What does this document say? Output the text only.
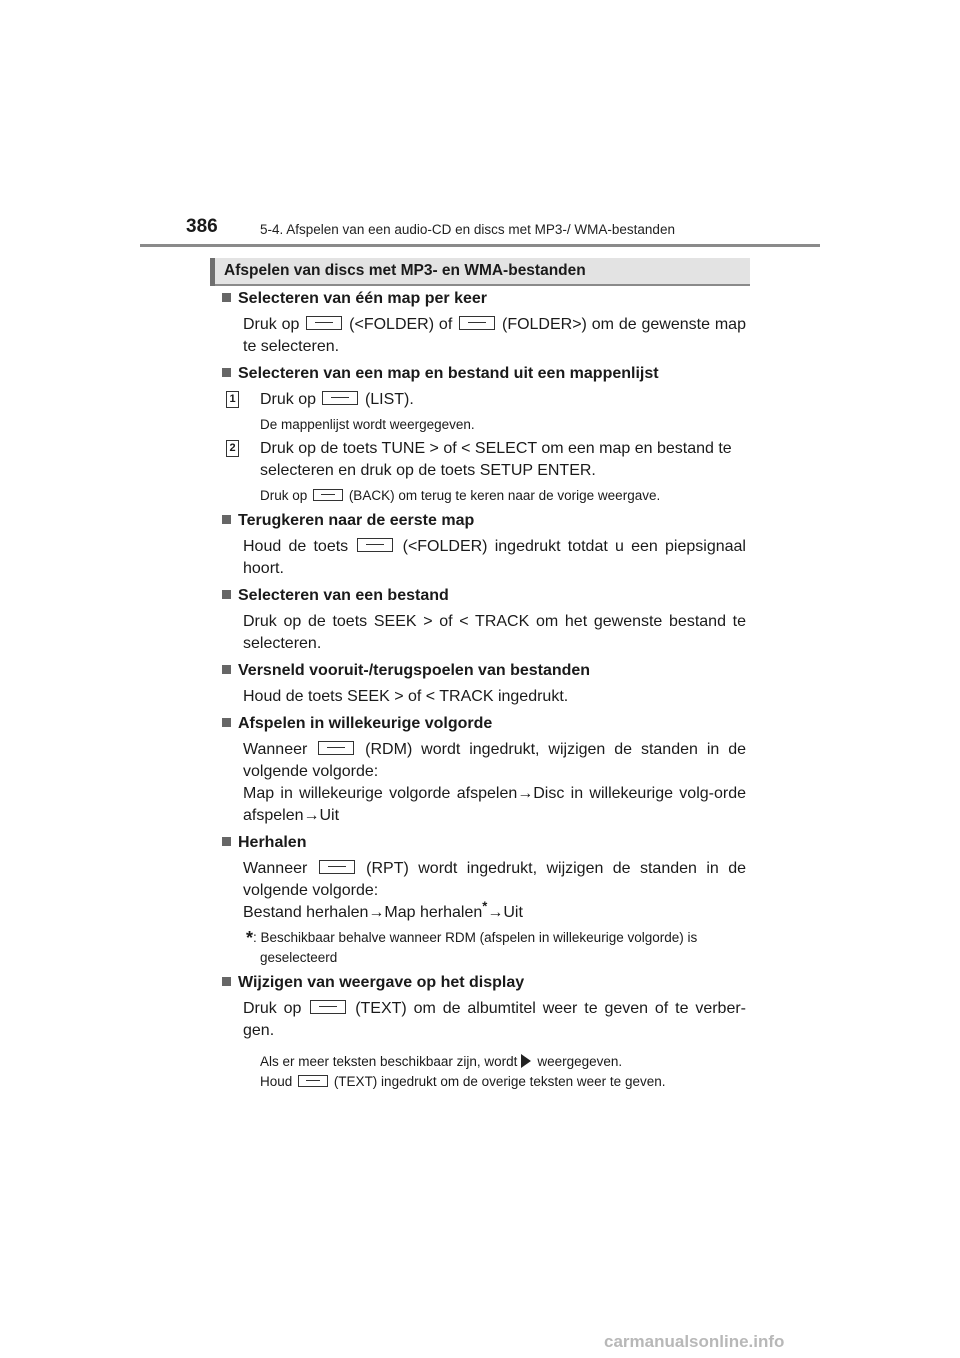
386	5-4. Afspelen van een audio-CD en discs met MP3-/ WMA-bestanden
Afspelen van discs met MP3- en WMA-bestanden

Selecteren van één map per keer

Druk op	(<FOLDER) of	(FOLDER>) om de gewenste map te selecteren.

Selecteren van een map en bestand uit een mappenlijst

1 Druk op	(LIST).

De mappenlijst wordt weergegeven.

2 Druk op de toets TUNE > of < SELECT om een map en bestand te selecteren en druk op de toets SETUP ENTER.

Druk op	(BACK) om terug te keren naar de vorige weergave.

Terugkeren naar de eerste map

Houd de toets	(<FOLDER) ingedrukt totdat u een piepsignaal hoort.

Selecteren van een bestand

Druk op de toets SEEK > of < TRACK om het gewenste bestand te selecteren.

Versneld vooruit-/terugspoelen van bestanden

Houd de toets SEEK > of < TRACK ingedrukt.

Afspelen in willekeurige volgorde

Wanneer	(RDM) wordt ingedrukt, wijzigen de standen in de volgende volgorde:
Map in willekeurige volgorde afspelen→Disc in willekeurige volg-orde afspelen→Uit

Herhalen

Wanneer	(RPT) wordt ingedrukt, wijzigen de standen in de volgende volgorde:
Bestand herhalen→Map herhalen*→Uit

*: Beschikbaar behalve wanneer RDM (afspelen in willekeurige volgorde) is geselecteerd

Wijzigen van weergave op het display

Druk op	(TEXT) om de albumtitel weer te geven of te verber-gen.

Als er meer teksten beschikbaar zijn, wordt weergegeven.

Houd	(TEXT) ingedrukt om de overige teksten weer te geven.

carmanualsonline.info
